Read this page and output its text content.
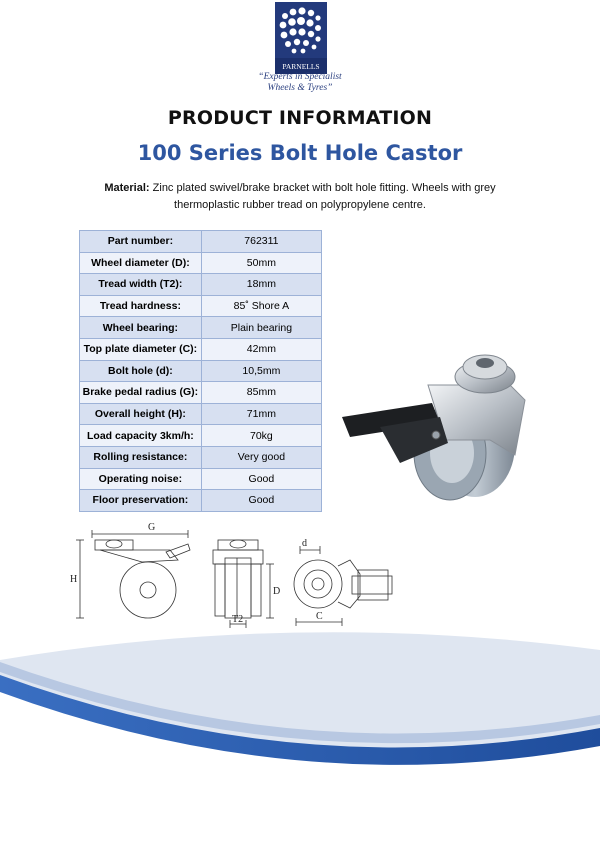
PARNELLS
“Experts in Specialist
Wheels & Tyres”
PRODUCT INFORMATION
100 Series Bolt Hole Castor
Material: Zinc plated swivel/brake bracket with bolt hole fitting. Wheels with grey
thermoplastic rubber tread on polypropylene centre.
Part number:	762311
Wheel diameter (D):	50mm
Tread width (T2):	18mm
Tread hardness:	85˚ Shore A
Wheel bearing:	Plain bearing
Top plate diameter (C):	42mm
Bolt hole (d):	10,5mm
Brake pedal radius (G):	85mm
Overall height (H):	71mm
Load capacity 3km/h:	70kg
Rolling resistance:	Very good
Operating noise:	Good
Floor preservation:	Good
G
H
D
T2
d
C
